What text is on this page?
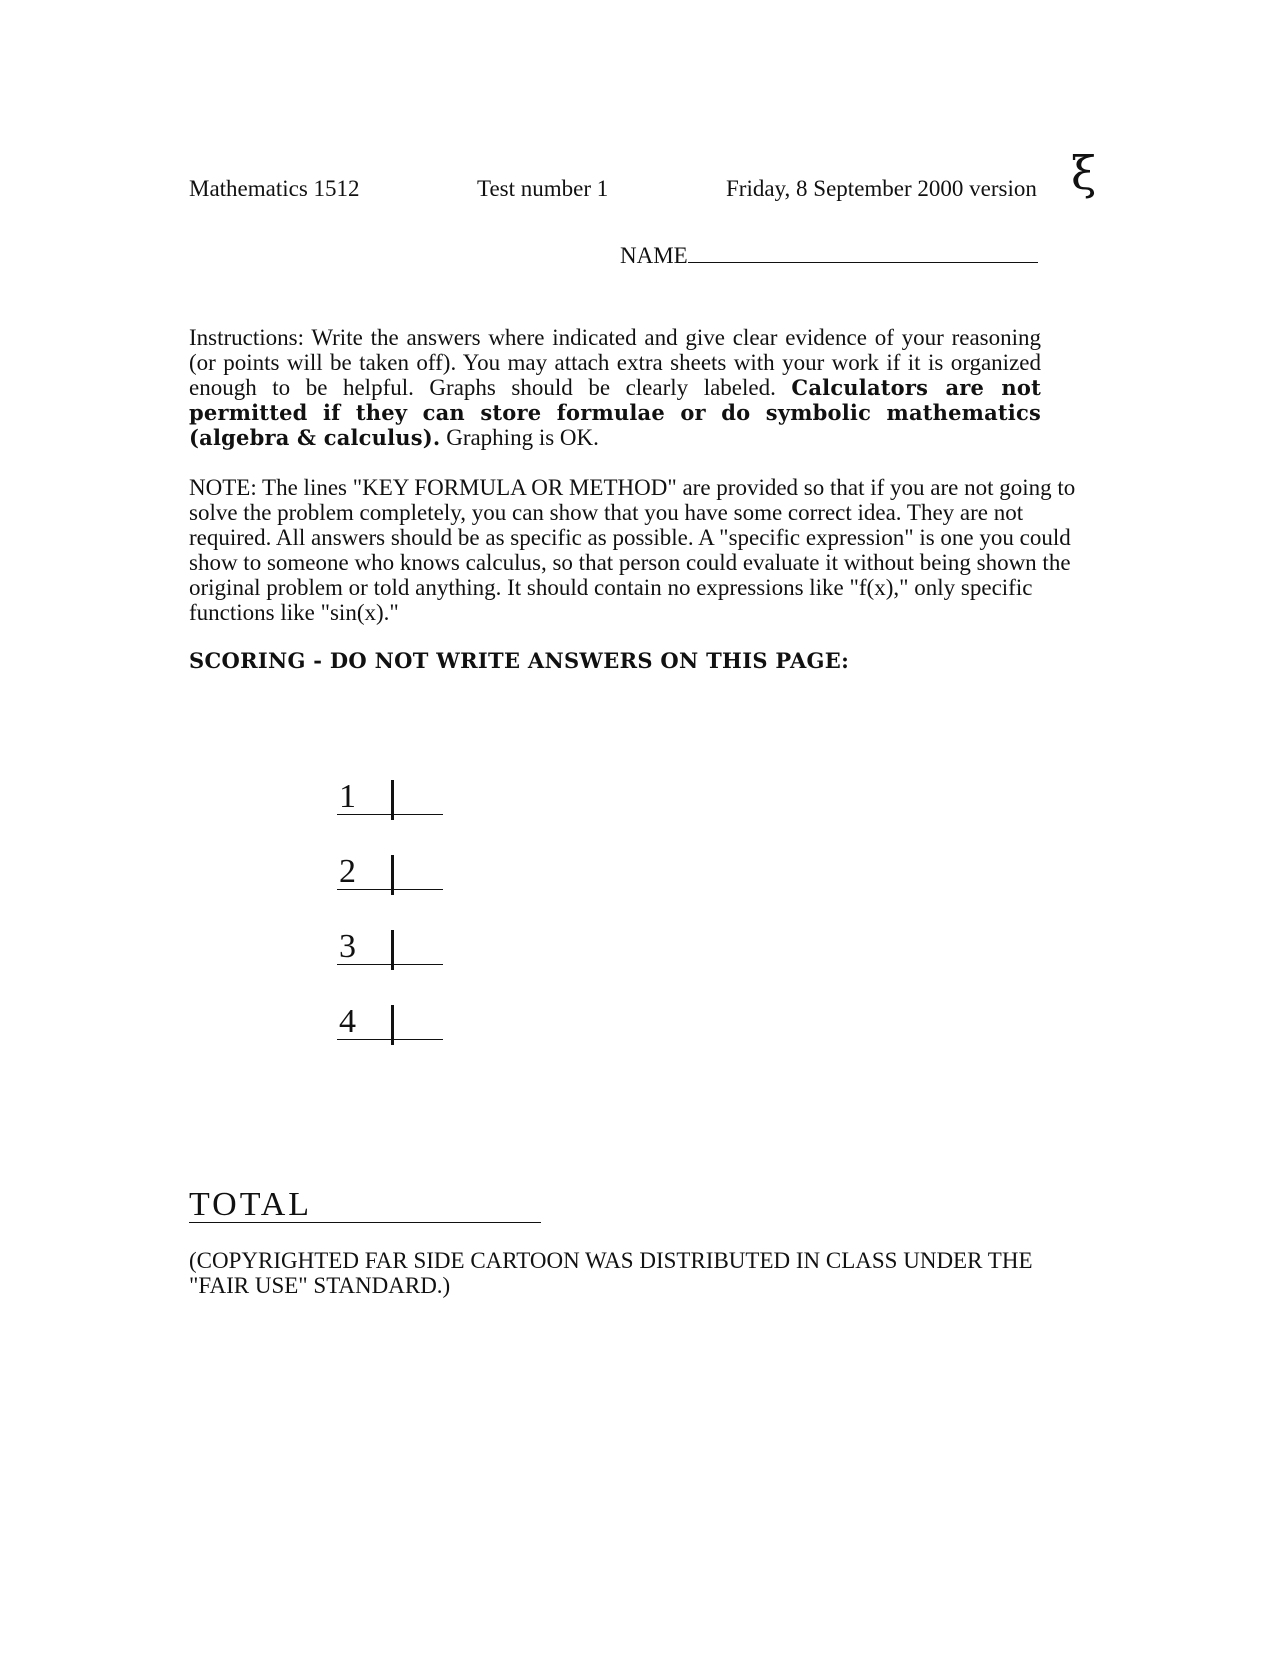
Mathematics 1512	Test number 1	Friday, 8 September 2000 version ξ
NAME
Instructions: Write the answers where indicated and give clear evidence of your reasoning (or points will be taken off). You may attach extra sheets with your work if it is organized enough to be helpful. Graphs should be clearly labeled. Calculators are not permitted if they can store formulae or do symbolic mathematics (algebra & calculus). Graphing is OK.
NOTE: The lines "KEY FORMULA OR METHOD" are provided so that if you are not going to solve the problem completely, you can show that you have some correct idea. They are not required. All answers should be as specific as possible. A "specific expression" is one you could show to someone who knows calculus, so that person could evaluate it without being shown the original problem or told anything. It should contain no expressions like "f(x)," only specific functions like "sin(x)."
SCORING - DO NOT WRITE ANSWERS ON THIS PAGE:
1
2
3
4
TOTAL
(COPYRIGHTED FAR SIDE CARTOON WAS DISTRIBUTED IN CLASS UNDER THE "FAIR USE" STANDARD.)
